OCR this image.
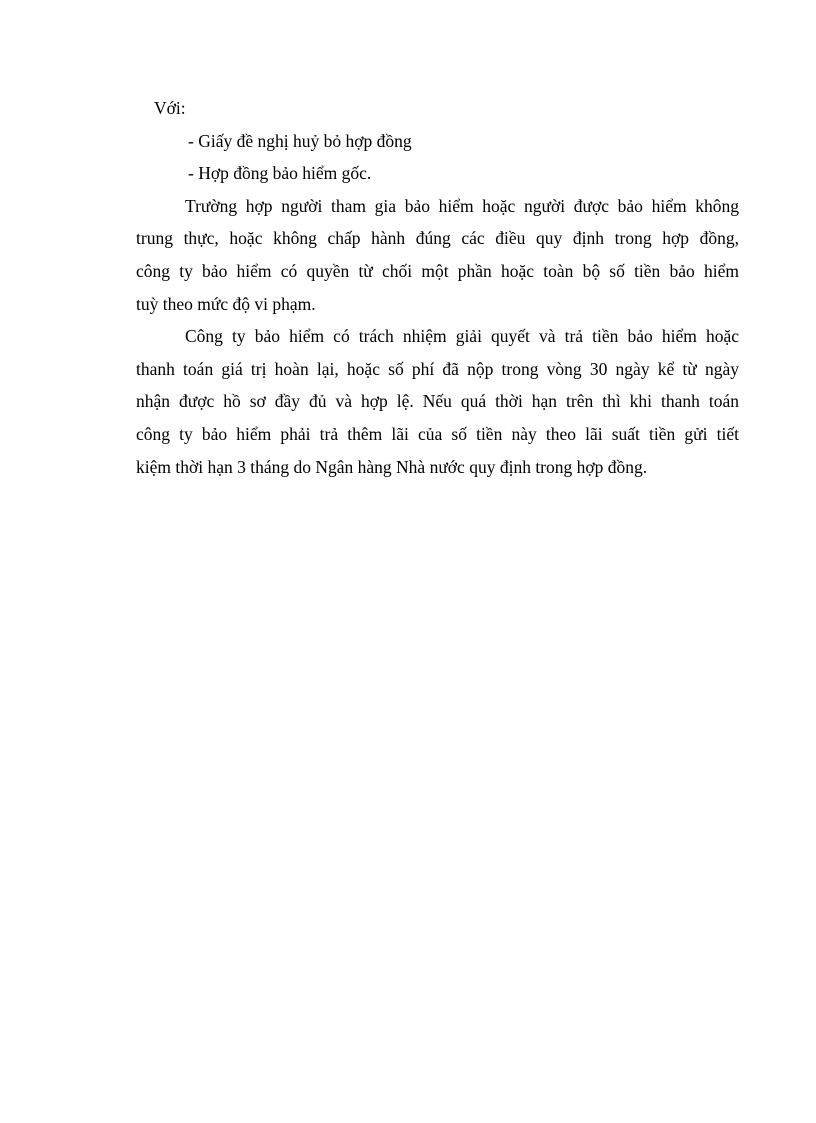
Với:
- Giấy đề nghị huỷ bỏ hợp đồng
- Hợp đồng bảo hiểm gốc.
Trường hợp người tham gia bảo hiểm hoặc người được bảo hiểm không
trung thực, hoặc không chấp hành đúng các điều quy định trong hợp đồng,
công ty bảo hiểm có quyền từ chối một phần hoặc toàn bộ số tiền bảo hiểm
tuỳ theo mức độ vi phạm.
Công ty bảo hiểm có trách nhiệm giải quyết và trả tiền bảo hiểm hoặc
thanh toán giá trị hoàn lại, hoặc số phí đã nộp trong vòng 30 ngày kể từ ngày
nhận được hồ sơ đầy đủ và hợp lệ. Nếu quá thời hạn trên thì khi thanh toán
công ty bảo hiểm phải trả thêm lãi của số tiền này theo lãi suất tiền gửi tiết
kiệm thời hạn 3 tháng do Ngân hàng Nhà nước quy định trong hợp đồng.
